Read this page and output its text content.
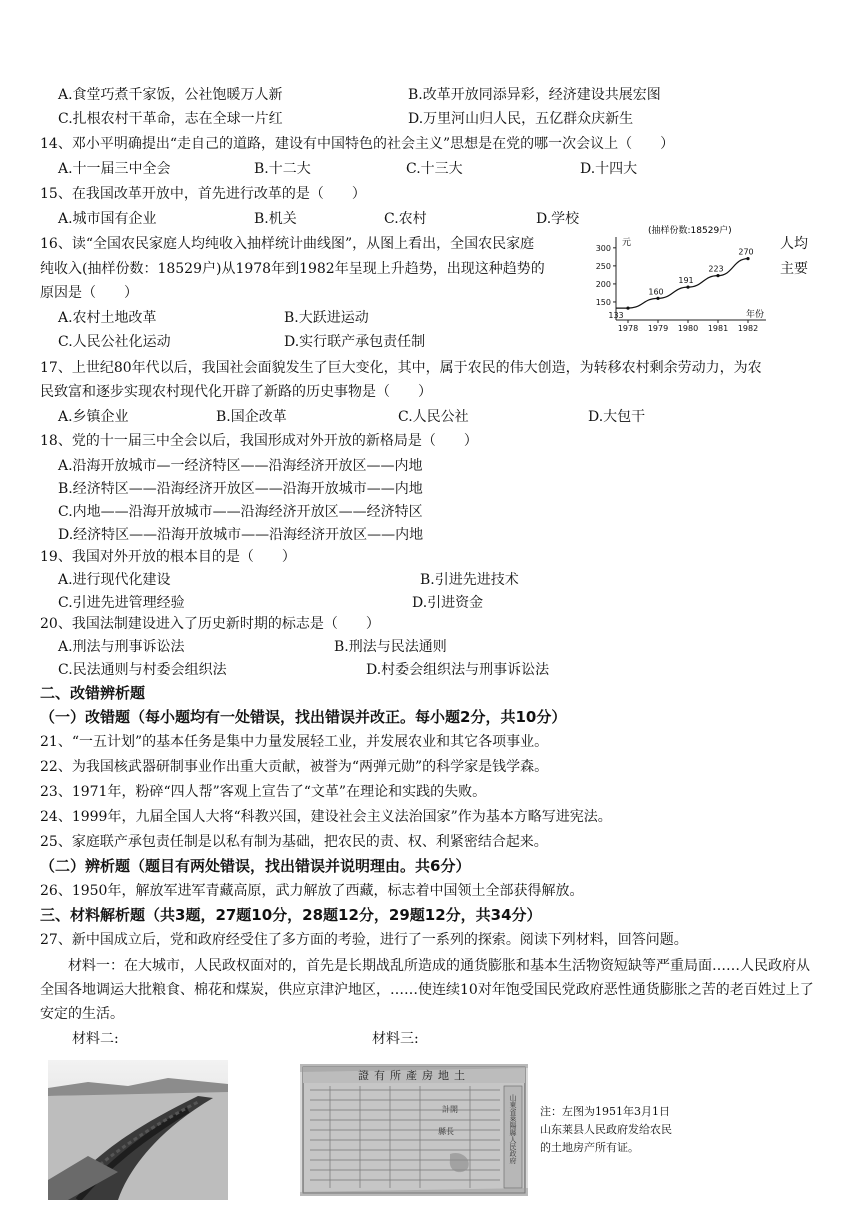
A.食堂巧煮千家饭，公社饱暖万人新	B.改革开放同添异彩，经济建设共展宏图
C.扎根农村干革命，志在全球一片红	D.万里河山归人民，五亿群众庆新生
14、邓小平明确提出“走自己的道路，建设有中国特色的社会主义”思想是在党的哪一次会议上（　　）
A.十一届三中全会	B.十二大	C.十三大	D.十四大
15、在我国改革开放中，首先进行改革的是（　　）
A.城市国有企业	B.机关	C.农村	D.学校
16、读“全国农民家庭人均纯收入抽样统计曲线图”，从图上看出，全国农民家庭	人均
纯收入(抽样份数：18529户)从1978年到1982年呈现上升趋势，出现这种趋势的	主要
原因是（　　）
A.农村土地改革	B.大跃进运动
C.人民公社化运动	D.实行联产承包责任制
(抽样份数:18529户)
元
年份
150
200
250
300
1978 1979 1980 1981 1982
133
160
191
223
270
17、上世纪80年代以后，我国社会面貌发生了巨大变化，其中，属于农民的伟大创造，为转移农村剩余劳动力，为农
民致富和逐步实现农村现代化开辟了新路的历史事物是（　　）
A.乡镇企业	B.国企改革	C.人民公社	D.大包干
18、党的十一届三中全会以后，我国形成对外开放的新格局是（　　）
A.沿海开放城市—一经济特区——沿海经济开放区——内地
B.经济特区——沿海经济开放区——沿海开放城市——内地
C.内地——沿海开放城市——沿海经济开放区——经济特区
D.经济特区——沿海开放城市——沿海经济开放区——内地
19、我国对外开放的根本目的是（　　）
A.进行现代化建设	B.引进先进技术
C.引进先进管理经验	D.引进资金
20、我国法制建设进入了历史新时期的标志是（　　）
A.刑法与刑事诉讼法	B.刑法与民法通则
C.民法通则与村委会组织法	D.村委会组织法与刑事诉讼法
二、改错辨析题
（一）改错题（每小题均有一处错误，找出错误并改正。每小题2分，共10分）
21、“一五计划”的基本任务是集中力量发展轻工业，并发展农业和其它各项事业。
22、为我国核武器研制事业作出重大贡献，被誉为“两弹元勋”的科学家是钱学森。
23、1971年，粉碎“四人帮”客观上宣告了“文革”在理论和实践的失败。
24、1999年，九届全国人大将“科教兴国，建设社会主义法治国家”作为基本方略写进宪法。
25、家庭联产承包责任制是以私有制为基础，把农民的责、权、利紧密结合起来。
（二）辨析题（题目有两处错误，找出错误并说明理由。共6分）
26、1950年，解放军进军青藏高原，武力解放了西藏，标志着中国领土全部获得解放。
三、材料解析题（共3题，27题10分，28题12分，29题12分，共34分）
27、新中国成立后，党和政府经受住了多方面的考验，进行了一系列的探索。阅读下列材料，回答问题。
材料一：在大城市，人民政权面对的，首先是长期战乱所造成的通货膨胀和基本生活物资短缺等严重局面……人民政府从全国各地调运大批粮食、棉花和煤炭，供应京津沪地区，……使连续10对年饱受国民党政府恶性通货膨胀之苦的老百姓过上了安定的生活。
材料二:	材料三:
證有所產房地土
計開
縣長	山東省萊陽縣人民政府 注：左图为1951年3月1日
山东莱县人民政府发给农民
的土地房产所有证。
